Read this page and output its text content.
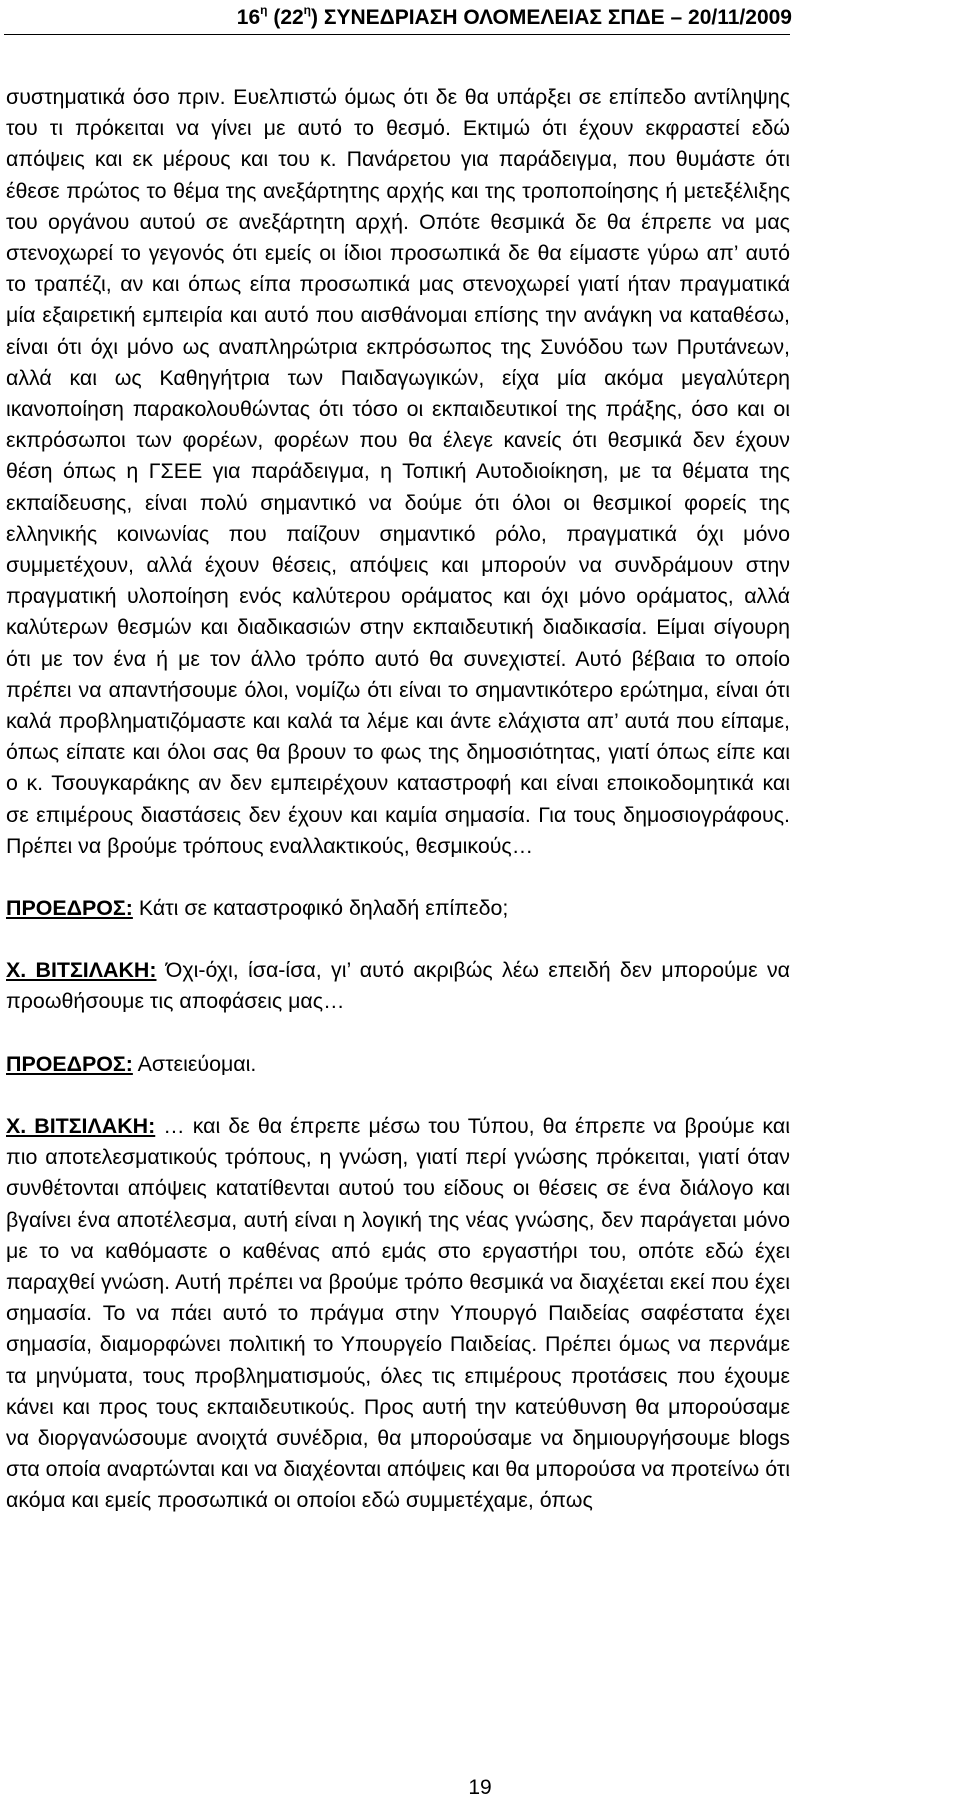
$16^\eta$ $(22^\eta)$ ΣΥΝΕΔΡΙΑΣΗ ΟΛΟΜΕΛΕΙΑΣ ΣΠΔΕ – 20/11/2009

συστηματικά όσο πριν. Ευελπιστώ όμως ότι δε θα υπάρξει σε επίπεδο αντίληψης του τι πρόκειται να γίνει με αυτό το θεσμό. Εκτιμώ ότι έχουν εκφραστεί εδώ απόψεις και εκ μέρους και του κ. Πανάρετου για παράδειγμα, που θυμάστε ότι έθεσε πρώτος το θέμα της ανεξάρτητης αρχής και της τροποποίησης ή μετεξέλιξης του οργάνου αυτού σε ανεξάρτητη αρχή. Οπότε θεσμικά δε θα έπρεπε να μας στενοχωρεί το γεγονός ότι εμείς οι ίδιοι προσωπικά δε θα είμαστε γύρω απ’ αυτό το τραπέζι, αν και όπως είπα προσωπικά μας στενοχωρεί γιατί ήταν πραγματικά μία εξαιρετική εμπειρία και αυτό που αισθάνομαι επίσης την ανάγκη να καταθέσω, είναι ότι όχι μόνο ως αναπληρώτρια εκπρόσωπος της Συνόδου των Πρυτάνεων, αλλά και ως Καθηγήτρια των Παιδαγωγικών, είχα μία ακόμα μεγαλύτερη ικανοποίηση παρακολουθώντας ότι τόσο οι εκπαιδευτικοί της πράξης, όσο και οι εκπρόσωποι των φορέων, φορέων που θα έλεγε κανείς ότι θεσμικά δεν έχουν θέση όπως η ΓΣΕΕ για παράδειγμα, η Τοπική Αυτοδιοίκηση, με τα θέματα της εκπαίδευσης, είναι πολύ σημαντικό να δούμε ότι όλοι οι θεσμικοί φορείς της ελληνικής κοινωνίας που παίζουν σημαντικό ρόλο, πραγματικά όχι μόνο συμμετέχουν, αλλά έχουν θέσεις, απόψεις και μπορούν να συνδράμουν στην πραγματική υλοποίηση ενός καλύτερου οράματος και όχι μόνο οράματος, αλλά καλύτερων θεσμών και διαδικασιών στην εκπαιδευτική διαδικασία. Είμαι σίγουρη ότι με τον ένα ή με τον άλλο τρόπο αυτό θα συνεχιστεί. Αυτό βέβαια το οποίο πρέπει να απαντήσουμε όλοι, νομίζω ότι είναι το σημαντικότερο ερώτημα, είναι ότι καλά προβληματιζόμαστε και καλά τα λέμε και άντε ελάχιστα απ’ αυτά που είπαμε, όπως είπατε και όλοι σας θα βρουν το φως της δημοσιότητας, γιατί όπως είπε και ο κ. Τσουγκαράκης αν δεν εμπειρέχουν καταστροφή και είναι εποικοδομητικά και σε επιμέρους διαστάσεις δεν έχουν και καμία σημασία. Για τους δημοσιογράφους. Πρέπει να βρούμε τρόπους εναλλακτικούς, θεσμικούς…

ΠΡΟΕΔΡΟΣ: Κάτι σε καταστροφικό δηλαδή επίπεδο;

Χ. ΒΙΤΣΙΛΑΚΗ: Όχι-όχι, ίσα-ίσα, γι’ αυτό ακριβώς λέω επειδή δεν μπορούμε να προωθήσουμε τις αποφάσεις μας…

ΠΡΟΕΔΡΟΣ: Αστειεύομαι.

Χ. ΒΙΤΣΙΛΑΚΗ: … και δε θα έπρεπε μέσω του Τύπου, θα έπρεπε να βρούμε και πιο αποτελεσματικούς τρόπους, η γνώση, γιατί περί γνώσης πρόκειται, γιατί όταν συνθέτονται απόψεις κατατίθενται αυτού του είδους οι θέσεις σε ένα διάλογο και βγαίνει ένα αποτέλεσμα, αυτή είναι η λογική της νέας γνώσης, δεν παράγεται μόνο με το να καθόμαστε ο καθένας από εμάς στο εργαστήρι του, οπότε εδώ έχει παραχθεί γνώση. Αυτή πρέπει να βρούμε τρόπο θεσμικά να διαχέεται εκεί που έχει σημασία. Το να πάει αυτό το πράγμα στην Υπουργό Παιδείας σαφέστατα έχει σημασία, διαμορφώνει πολιτική το Υπουργείο Παιδείας. Πρέπει όμως να περνάμε τα μηνύματα, τους προβληματισμούς, όλες τις επιμέρους προτάσεις που έχουμε κάνει και προς τους εκπαιδευτικούς. Προς αυτή την κατεύθυνση θα μπορούσαμε να διοργανώσουμε ανοιχτά συνέδρια, θα μπορούσαμε να δημιουργήσουμε blogs στα οποία αναρτώνται και να διαχέονται απόψεις και θα μπορούσα να προτείνω ότι ακόμα και εμείς προσωπικά οι οποίοι εδώ συμμετέχαμε, όπως

19
